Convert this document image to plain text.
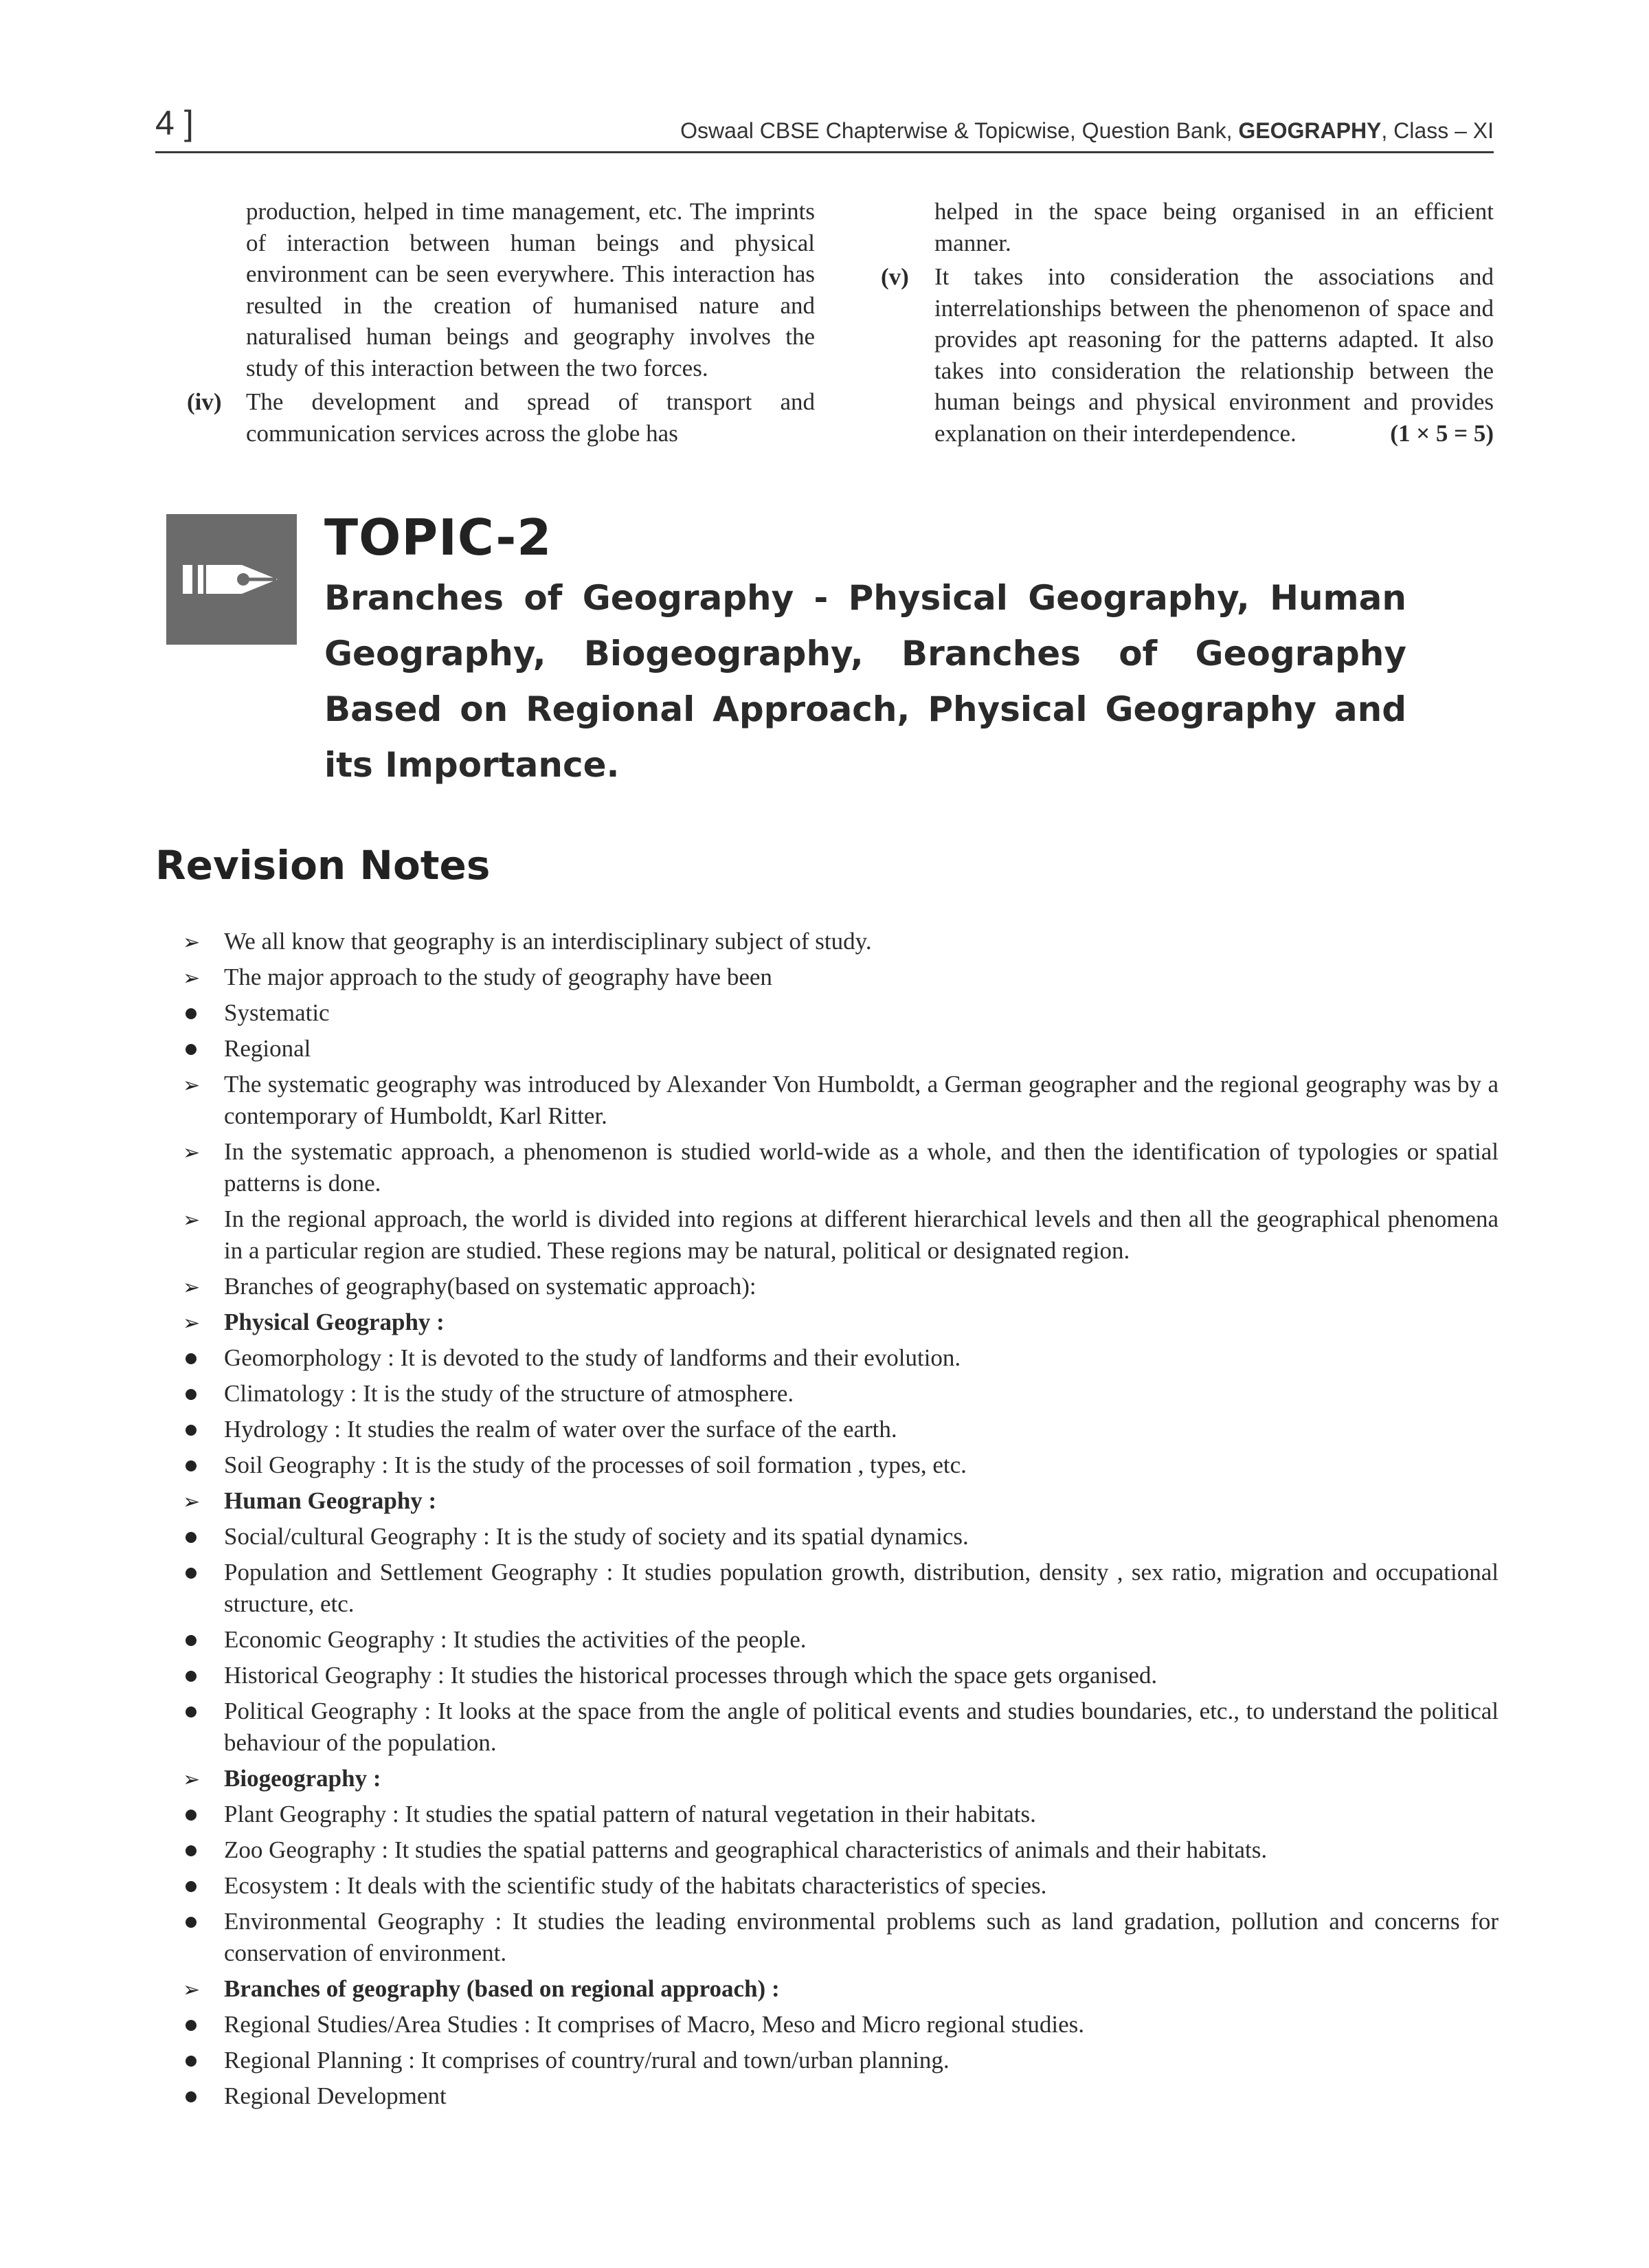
4 ]	Oswaal CBSE Chapterwise & Topicwise, Question Bank, GEOGRAPHY, Class – XI
production, helped in time management, etc. The imprints of interaction between human beings and physical environment can be seen everywhere. This interaction has resulted in the creation of humanised nature and naturalised human beings and geography involves the study of this interaction between the two forces.
(iv) The development and spread of transport and communication services across the globe has
helped in the space being organised in an efficient manner.
(v) It takes into consideration the associations and interrelationships between the phenomenon of space and provides apt reasoning for the patterns adapted. It also takes into consideration the relationship between the human beings and physical environment and provides explanation on their interdependence.	(1 × 5 = 5)
TOPIC-2
Branches of Geography - Physical Geography, Human Geography, Biogeography, Branches of Geography Based on Regional Approach, Physical Geography and its Importance.
Revision Notes
➢
We all know that geography is an interdisciplinary subject of study.
➢
The major approach to the study of geography have been
Systematic
Regional
➢
The systematic geography was introduced by Alexander Von Humboldt, a German geographer and the regional geography was by a contemporary of Humboldt, Karl Ritter.
➢
In the systematic approach, a phenomenon is studied world-wide as a whole, and then the identification of typologies or spatial patterns is done.
➢
In the regional approach, the world is divided into regions at different hierarchical levels and then all the geographical phenomena in a particular region are studied. These regions may be natural, political or designated region.
➢
Branches of geography(based on systematic approach):
➢
Physical Geography :
Geomorphology : It is devoted to the study of landforms and their evolution.
Climatology : It is the study of the structure of atmosphere.
Hydrology : It studies the realm of water over the surface of the earth.
Soil Geography : It is the study of the processes of soil formation , types, etc.
➢
Human Geography :
Social/cultural Geography : It is the study of society and its spatial dynamics.
Population and Settlement Geography : It studies population growth, distribution, density , sex ratio, migration and occupational structure, etc.
Economic Geography : It studies the activities of the people.
Historical Geography : It studies the historical processes through which the space gets organised.
Political Geography : It looks at the space from the angle of political events and studies boundaries, etc., to understand the political behaviour of the population.
➢
Biogeography :
Plant Geography : It studies the spatial pattern of natural vegetation in their habitats.
Zoo Geography : It studies the spatial patterns and geographical characteristics of animals and their habitats.
Ecosystem : It deals with the scientific study of the habitats characteristics of species.
Environmental Geography : It studies the leading environmental problems such as land gradation, pollution and concerns for conservation of environment.
➢
Branches of geography (based on regional approach) :
Regional Studies/Area Studies : It comprises of Macro, Meso and Micro regional studies.
Regional Planning : It comprises of country/rural and town/urban planning.
Regional Development
